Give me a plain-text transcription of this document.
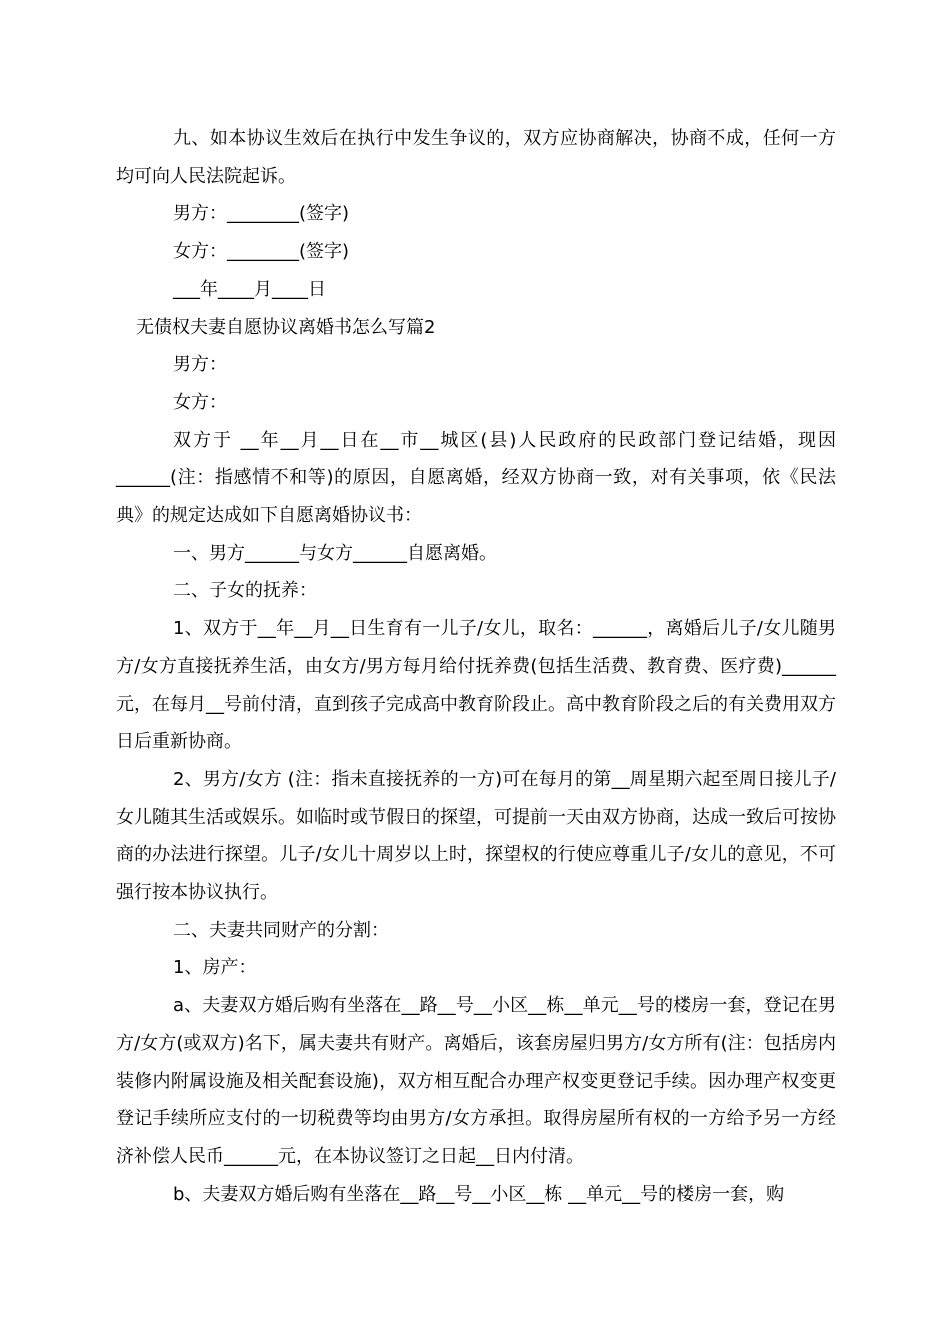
九、如本协议生效后在执行中发生争议的，双方应协商解决，协商不成，任何一方均可向人民法院起诉。

男方：________(签字)

女方：________(签字)

___年____月____日

无债权夫妻自愿协议离婚书怎么写篇2

男方：

女方：

双方于 __年__月__日在__市__城区(县)人民政府的民政部门登记结婚，现因______(注：指感情不和等)的原因，自愿离婚，经双方协商一致，对有关事项，依《民法典》的规定达成如下自愿离婚协议书：

一、男方______与女方______自愿离婚。

二、子女的抚养：

1、双方于__年__月__日生育有一儿子/女儿，取名：______，离婚后儿子/女儿随男方/女方直接抚养生活，由女方/男方每月给付抚养费(包括生活费、教育费、医疗费)______元，在每月__号前付清，直到孩子完成高中教育阶段止。高中教育阶段之后的有关费用双方日后重新协商。

2、男方/女方 (注：指未直接抚养的一方)可在每月的第__周星期六起至周日接儿子/女儿随其生活或娱乐。如临时或节假日的探望，可提前一天由双方协商，达成一致后可按协商的办法进行探望。儿子/女儿十周岁以上时，探望权的行使应尊重儿子/女儿的意见，不可强行按本协议执行。

二、夫妻共同财产的分割：

1、房产：

a、夫妻双方婚后购有坐落在__路__号__小区__栋__单元__号的楼房一套，登记在男方/女方(或双方)名下，属夫妻共有财产。离婚后，该套房屋归男方/女方所有(注：包括房内装修内附属设施及相关配套设施)，双方相互配合办理产权变更登记手续。因办理产权变更登记手续所应支付的一切税费等均由男方/女方承担。取得房屋所有权的一方给予另一方经济补偿人民币______元，在本协议签订之日起__日内付清。

b、夫妻双方婚后购有坐落在__路__号__小区__栋 __单元__号的楼房一套，购
